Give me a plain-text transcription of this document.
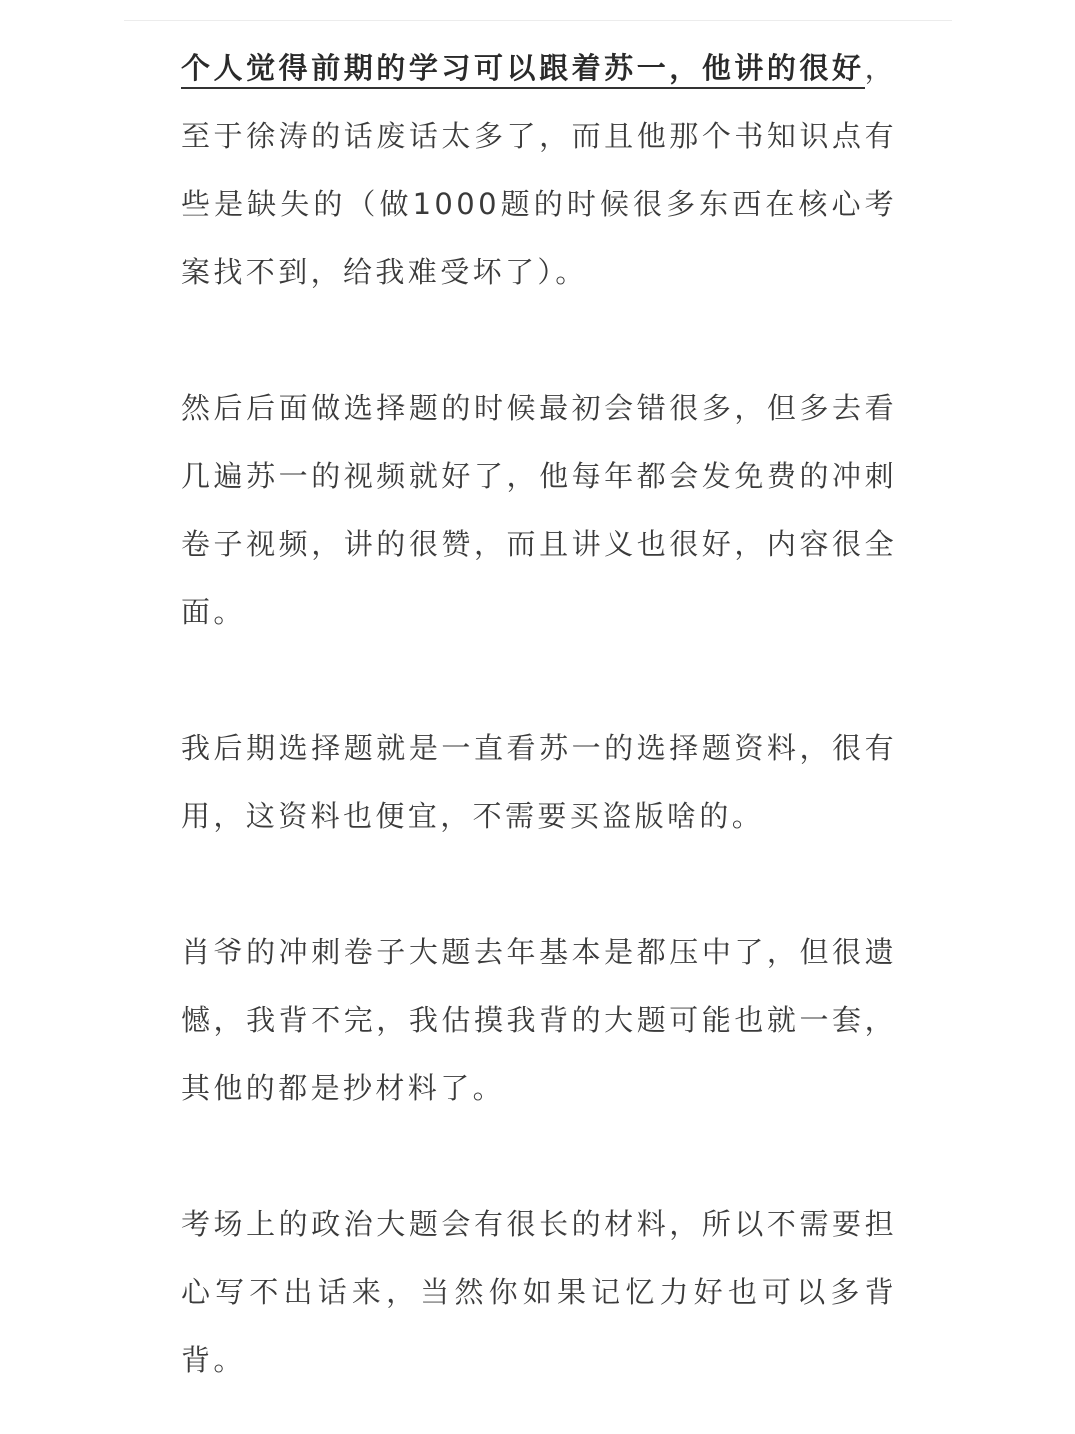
个人觉得前期的学习可以跟着苏一，他讲的很好，至于徐涛的话废话太多了，而且他那个书知识点有些是缺失的（做1000题的时候很多东西在核心考案找不到，给我难受坏了）。

然后后面做选择题的时候最初会错很多，但多去看几遍苏一的视频就好了，他每年都会发免费的冲刺卷子视频，讲的很赞，而且讲义也很好，内容很全面。

我后期选择题就是一直看苏一的选择题资料，很有用，这资料也便宜，不需要买盗版啥的。

肖爷的冲刺卷子大题去年基本是都压中了，但很遗憾，我背不完，我估摸我背的大题可能也就一套，其他的都是抄材料了。

考场上的政治大题会有很长的材料，所以不需要担心写不出话来，当然你如果记忆力好也可以多背背。
